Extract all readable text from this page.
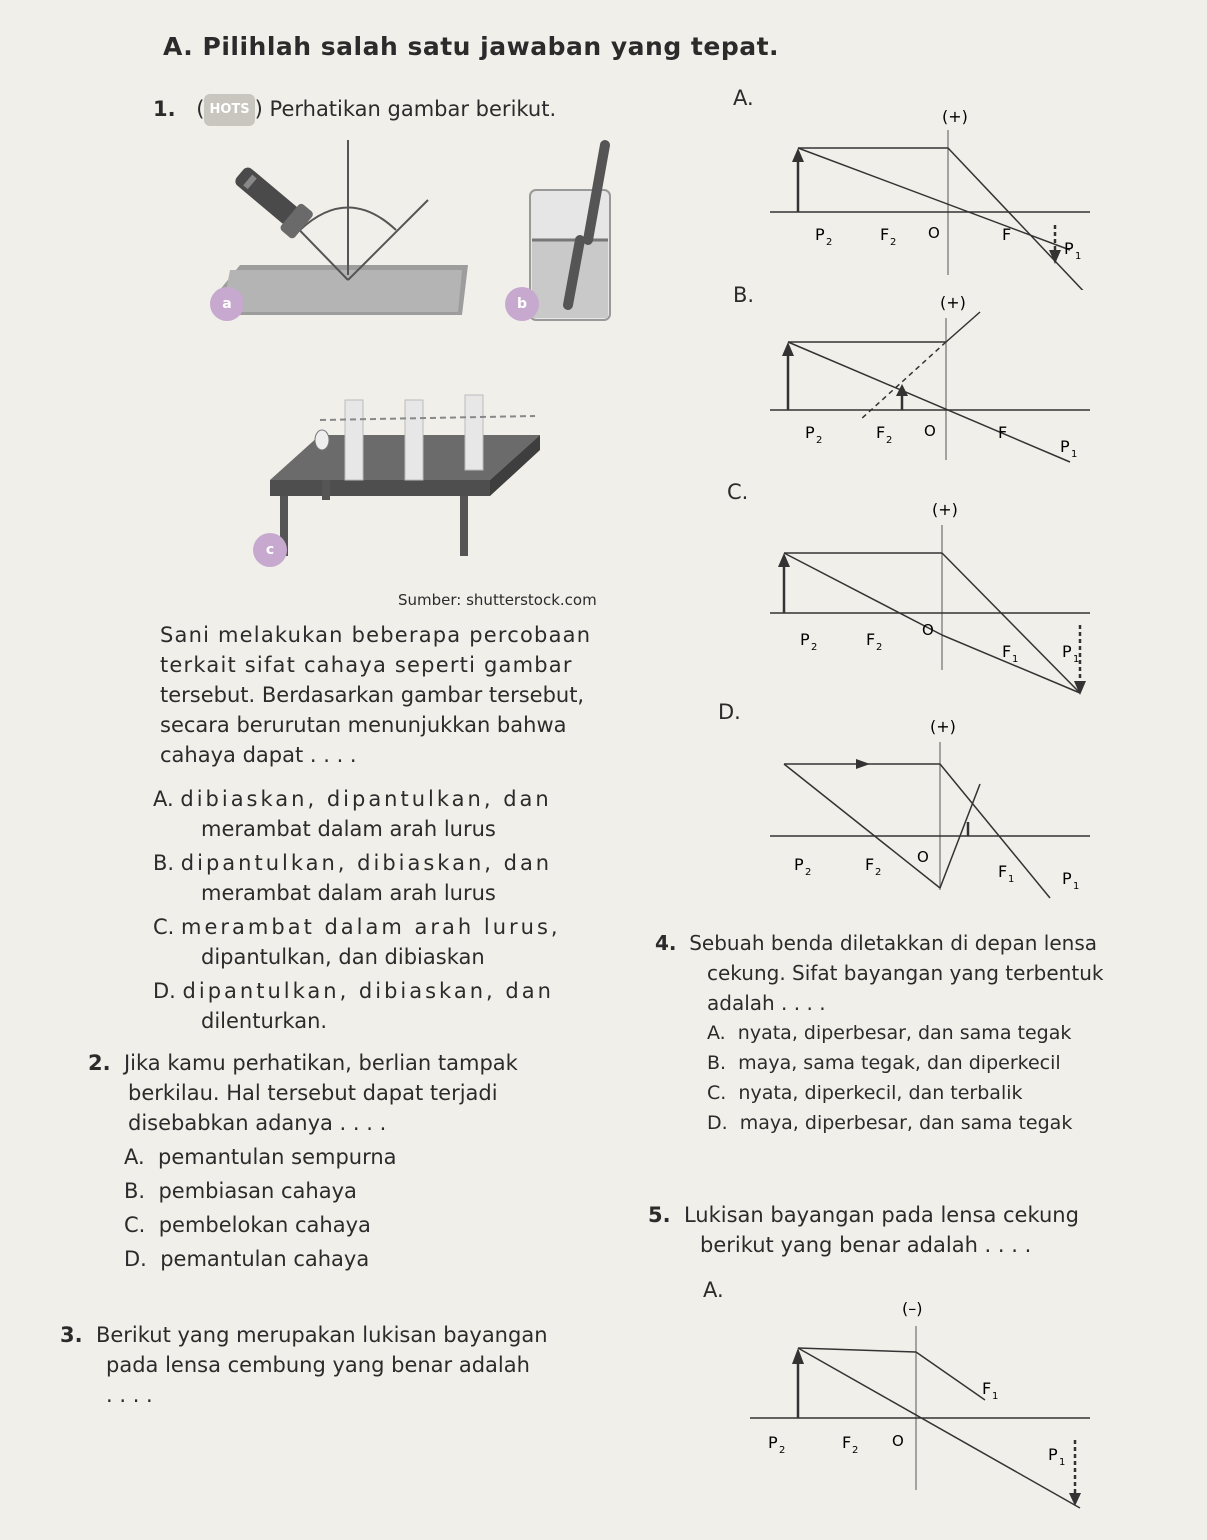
A. Pilihlah salah satu jawaban yang tepat.
1. ( HOTS ) Perhatikan gambar berikut.
a	b
c
Sumber: shutterstock.com
Sani melakukan beberapa percobaan
terkait sifat cahaya seperti gambar
tersebut. Berdasarkan gambar tersebut,
secara berurutan menunjukkan bahwa
cahaya dapat . . . .
A. dibiaskan, dipantulkan, dan
merambat dalam arah lurus
B. dipantulkan, dibiaskan, dan
merambat dalam arah lurus
C. merambat dalam arah lurus,
dipantulkan, dan dibiaskan
D. dipantulkan, dibiaskan, dan
dilenturkan.
2. Jika kamu perhatikan, berlian tampak
berkilau. Hal tersebut dapat terjadi
disebabkan adanya . . . .
A. pemantulan sempurna
B. pembiasan cahaya
C. pembelokan cahaya
D. pemantulan cahaya
3. Berikut yang merupakan lukisan bayangan
pada lensa cembung yang benar adalah
. . . .
A.
(+)
P 2	F 2
O	F
P 1
B.	(+)
P 2	F 2
O	F
P 1
C.
(+)
P 2	F 2
O
F 1	P 1
D.
(+)
P 2	F 2
O
F 1	P 1
4. Sebuah benda diletakkan di depan lensa
cekung. Sifat bayangan yang terbentuk
adalah . . . .
A. nyata, diperbesar, dan sama tegak
B. maya, sama tegak, dan diperkecil
C. nyata, diperkecil, dan terbalik
D. maya, diperbesar, dan sama tegak
5. Lukisan bayangan pada lensa cekung
berikut yang benar adalah . . . .
A.
(–)
P 2	F 2
O
F 1
P 1
